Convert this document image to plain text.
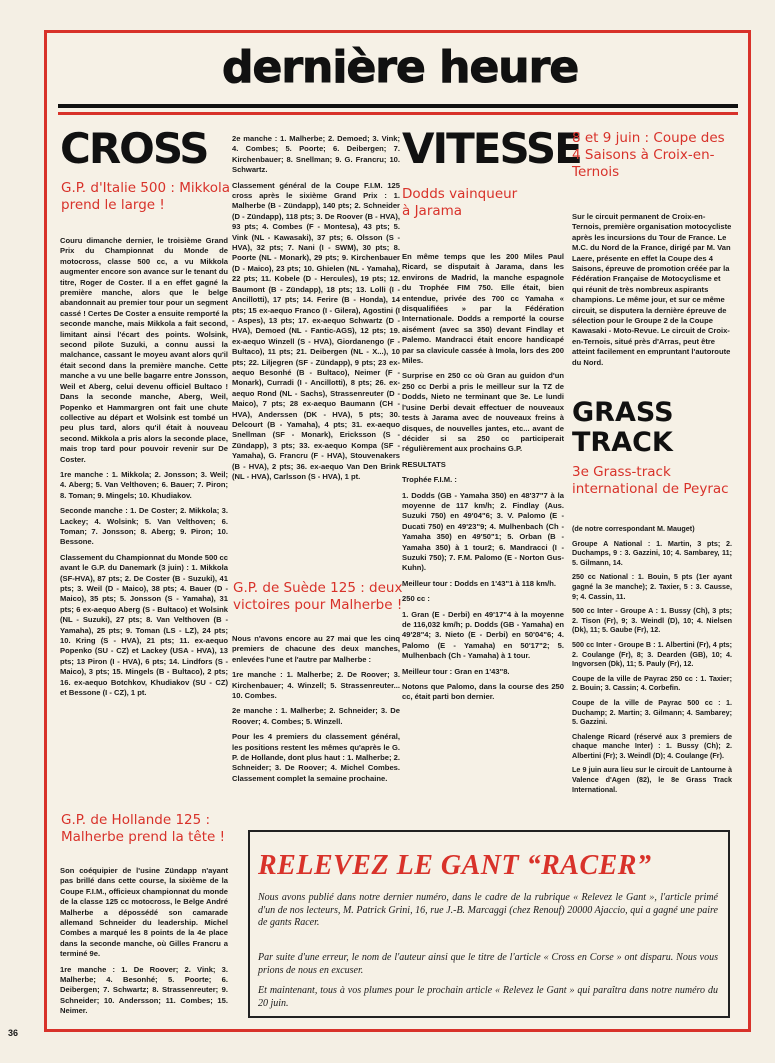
dernière heure
CROSS
G.P. d'Italie 500 : Mikkola prend le large !

Couru dimanche dernier, le troisième Grand Prix du Championnat du Monde de motocross, classe 500 cc, a vu Mikkola augmenter encore son avance sur le tenant du titre, Roger de Coster. Il a en effet gagné la première manche, alors que le belge abandonnait au premier tour pour un segment cassé ! Certes De Coster a ensuite remporté la seconde manche, mais Mikkola a fait second, limitant ainsi l'écart des points. Wolsink, second pilote Suzuki, a connu aussi la malchance, cassant le moyeu avant alors qu'il était second dans la première manche. Cette manche a vu une belle bagarre entre Jonsson, Weil et Aberg, celui devenu officiel Bultaco ! Dans la seconde manche, Aberg, Weil, Popenko et Hammargren ont fait une chute collective au départ et Wolsink est tombé un peu plus tard, alors qu'il était à nouveau second. Mikkola a pris alors la seconde place, mais trop tard pour pouvoir revenir sur De Coster.

1re manche : 1. Mikkola; 2. Jonsson; 3. Weil; 4. Aberg; 5. Van Velthoven; 6. Bauer; 7. Piron; 8. Toman; 9. Mingels; 10. Khudiakov.

Seconde manche : 1. De Coster; 2. Mikkola; 3. Lackey; 4. Wolsink; 5. Van Velthoven; 6. Toman; 7. Jonsson; 8. Aberg; 9. Piron; 10. Bessone.

Classement du Championnat du Monde 500 cc avant le G.P. du Danemark (3 juin) : 1. Mikkola (SF-HVA), 87 pts; 2. De Coster (B - Suzuki), 41 pts; 3. Weil (D - Maico), 38 pts; 4. Bauer (D - Maico), 35 pts; 5. Jonsson (S - Yamaha), 31 pts; 6 ex-aequo Aberg (S - Bultaco) et Wolsink (NL - Suzuki), 27 pts; 8. Van Velthoven (B - Yamaha), 25 pts; 9. Toman (LS - LZ), 24 pts; 10. Kring (S - HVA), 21 pts; 11. ex-aequo Popenko (SU - CZ) et Lackey (USA - HVA), 13 pts; 13 Piron (I - HVA), 6 pts; 14. Lindfors (S - Maico), 3 pts; 15. Mingels (B - Bultaco), 2 pts; 16. ex-aequo Botchkov, Khudiakov (SU - CZ) et Bessone (I - CZ), 1 pt.

G.P. de Hollande 125 : Malherbe prend la tête !

Son coéquipier de l'usine Zündapp n'ayant pas brillé dans cette course, la sixième de la Coupe F.I.M., officieux championnat du monde de la classe 125 cc motocross, le Belge André Malherbe a dépossédé son camarade allemand Schneider du leadership. Michel Combes a marqué les 8 points de la 4e place dans la seconde manche, où Gilles Francru a terminé 9e.

1re manche : 1. De Roover; 2. Vink; 3. Malherbe; 4. Besonhé; 5. Poorte; 6. Deibergen; 7. Schwartz; 8. Strassenreuter; 9. Schneider; 10. Andersson; 11. Combes; 15. Neimer.

2e manche : 1. Malherbe; 2. Demoed; 3. Vink; 4. Combes; 5. Poorte; 6. Deibergen; 7. Kirchenbauer; 8. Snellman; 9. G. Francru; 10. Schwartz.

Classement général de la Coupe F.I.M. 125 cross après le sixième Grand Prix : 1. Malherbe (B - Zündapp), 140 pts; 2. Schneider (D - Zündapp), 118 pts; 3. De Roover (B - HVA), 93 pts; 4. Combes (F - Montesa), 43 pts; 5. Vink (NL - Kawasaki), 37 pts; 6. Olsson (S - HVA), 32 pts; 7. Nani (I - SWM), 30 pts; 8. Poorte (NL - Monark), 29 pts; 9. Kirchenbauer (D - Maico), 23 pts; 10. Ghielen (NL - Yamaha), 22 pts; 11. Kobele (D - Hercules), 19 pts; 12. Baumont (B - Zündapp), 18 pts; 13. Lolli (I - Ancillotti), 17 pts; 14. Ferire (B - Honda), 14 pts; 15 ex-aequo Franco (I - Gilera), Agostini (I - Aspes), 13 pts; 17. ex-aequo Schwartz (D - HVA), Demoed (NL - Fantic-AGS), 12 pts; 19. ex-aequo Winzell (S - HVA), Giordanengo (F - Bultaco), 11 pts; 21. Deibergen (NL - X...), 10 pts; 22. Liljegren (SF - Zündapp), 9 pts; 23 ex-aequo Besonhé (B - Bultaco), Neimer (F - Monark), Curradi (I - Ancillotti), 8 pts; 26. ex-aequo Rond (NL - Sachs), Strassenreuter (D - Maico), 7 pts; 28 ex-aequo Baumann (CH - HVA), Anderssen (DK - HVA), 5 pts; 30. Delcourt (B - Yamaha), 4 pts; 31. ex-aequo Snellman (SF - Monark), Ericksson (S - Zündapp), 3 pts; 33. ex-aequo Kompa (SF - Yamaha), G. Francru (F - HVA), Stouvenakers (B - HVA), 2 pts; 36. ex-aequo Van Den Brink (NL - HVA), Carlsson (S - HVA), 1 pt.

G.P. de Suède 125 : deux victoires pour Malherbe !

Nous n'avons encore au 27 mai que les cinq premiers de chacune des deux manches, enlevées l'une et l'autre par Malherbe :

1re manche : 1. Malherbe; 2. De Roover; 3. Kirchenbauer; 4. Winzell; 5. Strassenreuter... 10. Combes.

2e manche : 1. Malherbe; 2. Schneider; 3. De Roover; 4. Combes; 5. Winzell.

Pour les 4 premiers du classement général, les positions restent les mêmes qu'après le G. P. de Hollande, dont plus haut : 1. Malherbe; 2. Schneider; 3. De Roover; 4. Michel Combes. Classement complet la semaine prochaine.

VITESSE
Dodds vainqueur à Jarama

En même temps que les 200 Miles Paul Ricard, se disputait à Jarama, dans les environs de Madrid, la manche espagnole du Trophée FIM 750. Elle était, bien entendue, privée des 700 cc Yamaha « disqualifiées » par la Fédération Internationale. Dodds a remporté la course aisément (avec sa 350) devant Findlay et Palemo. Mandracci était encore handicapé par sa clavicule cassée à Imola, lors des 200 Miles.

Surprise en 250 cc où Gran au guidon d'un 250 cc Derbi a pris le meilleur sur la TZ de Dodds, Nieto ne terminant que 3e. Le lundi l'usine Derbi devait effectuer de nouveaux tests à Jarama avec de nouveaux freins à disques, de nouvelles jantes, etc... avant de décider si sa 250 cc participerait régulièrement aux prochains G.P.

RESULTATS

Trophée F.I.M. :

1. Dodds (GB - Yamaha 350) en 48'37"7 à la moyenne de 117 km/h; 2. Findlay (Aus. Suzuki 750) en 49'04"6; 3. V. Palomo (E - Ducati 750) en 49'23"9; 4. Mulhenbach (Ch - Yamaha 350) en 49'50"1; 5. Orban (B - Yamaha 350) à 1 tour2; 6. Mandracci (I - Suzuki 750); 7. F.M. Palomo (E - Norton Gus-Kuhn).

Meilleur tour : Dodds en 1'43"1 à 118 km/h.

250 cc :

1. Gran (E - Derbi) en 49'17"4 à la moyenne de 116,032 km/h; p. Dodds (GB - Yamaha) en 49'28"4; 3. Nieto (E - Derbi) en 50'04"6; 4. Palomo (E - Yamaha) en 50'17"2; 5. Mulhenbach (Ch - Yamaha) à 1 tour.

Meilleur tour : Gran en 1'43"8.

Notons que Palomo, dans la course des 250 cc, était parti bon dernier.

8 et 9 juin : Coupe des 4 Saisons à Croix-en-Ternois
Sur le circuit permanent de Croix-en-Ternois, première organisation motocycliste après les incursions du Tour de France. Le M.C. du Nord de la France, dirigé par M. Van Laere, présente en effet la Coupe des 4 Saisons, épreuve de promotion créée par la Fédération Française de Motocyclisme et qui réunit de très nombreux aspirants champions. Le même jour, et sur ce même circuit, se disputera la dernière épreuve de sélection pour le Groupe 2 de la Coupe Kawasaki - Moto-Revue. Le circuit de Croix-en-Ternois, situé près d'Arras, peut être atteint facilement en empruntant l'autoroute du Nord.
GRASS
TRACK
3e Grass-track international de Peyrac

(de notre correspondant M. Mauget)

Groupe A National : 1. Martin, 3 pts; 2. Duchamps, 9 : 3. Gazzini, 10; 4. Sambarey, 11; 5. Gilmann, 14.

250 cc National : 1. Bouin, 5 pts (1er ayant gagné la 3e manche); 2. Taxier, 5 : 3. Causse, 9; 4. Cassin, 11.

500 cc Inter - Groupe A : 1. Bussy (Ch), 3 pts; 2. Tison (Fr), 9; 3. Weindl (D), 10; 4. Nielsen (Dk), 11; 5. Gaube (Fr), 12.

500 cc Inter - Groupe B : 1. Albertini (Fr), 4 pts; 2. Coulange (Fr), 8; 3. Dearden (GB), 10; 4. Ingvorsen (Dk), 11; 5. Pauly (Fr), 12.

Coupe de la ville de Payrac 250 cc : 1. Taxier; 2. Bouin; 3. Cassin; 4. Corbefin.

Coupe de la ville de Payrac 500 cc : 1. Duchamp; 2. Martin; 3. Gilmann; 4. Sambarey; 5. Gazzini.

Chalenge Ricard (réservé aux 3 premiers de chaque manche Inter) : 1. Bussy (Ch); 2. Albertini (Fr); 3. Weindl (D); 4. Coulange (Fr).

Le 9 juin aura lieu sur le circuit de Lantourne à Valence d'Agen (82), le 8e Grass Track International.

RELEVEZ LE GANT “RACER”
Nous avons publié dans notre dernier numéro, dans le cadre de la rubrique « Relevez le Gant », l'article primé d'un de nos lecteurs, M. Patrick Grini, 16, rue J.-B. Marcaggi (chez Renouf) 20000 Ajaccio, qui a gagné une paire de gants Racer.
Par suite d'une erreur, le nom de l'auteur ainsi que le titre de l'article « Cross en Corse » ont disparu. Nous vous prions de nous en excuser.
Et maintenant, tous à vos plumes pour le prochain article « Relevez le Gant » qui paraîtra dans notre numéro du 20 juin.
36
